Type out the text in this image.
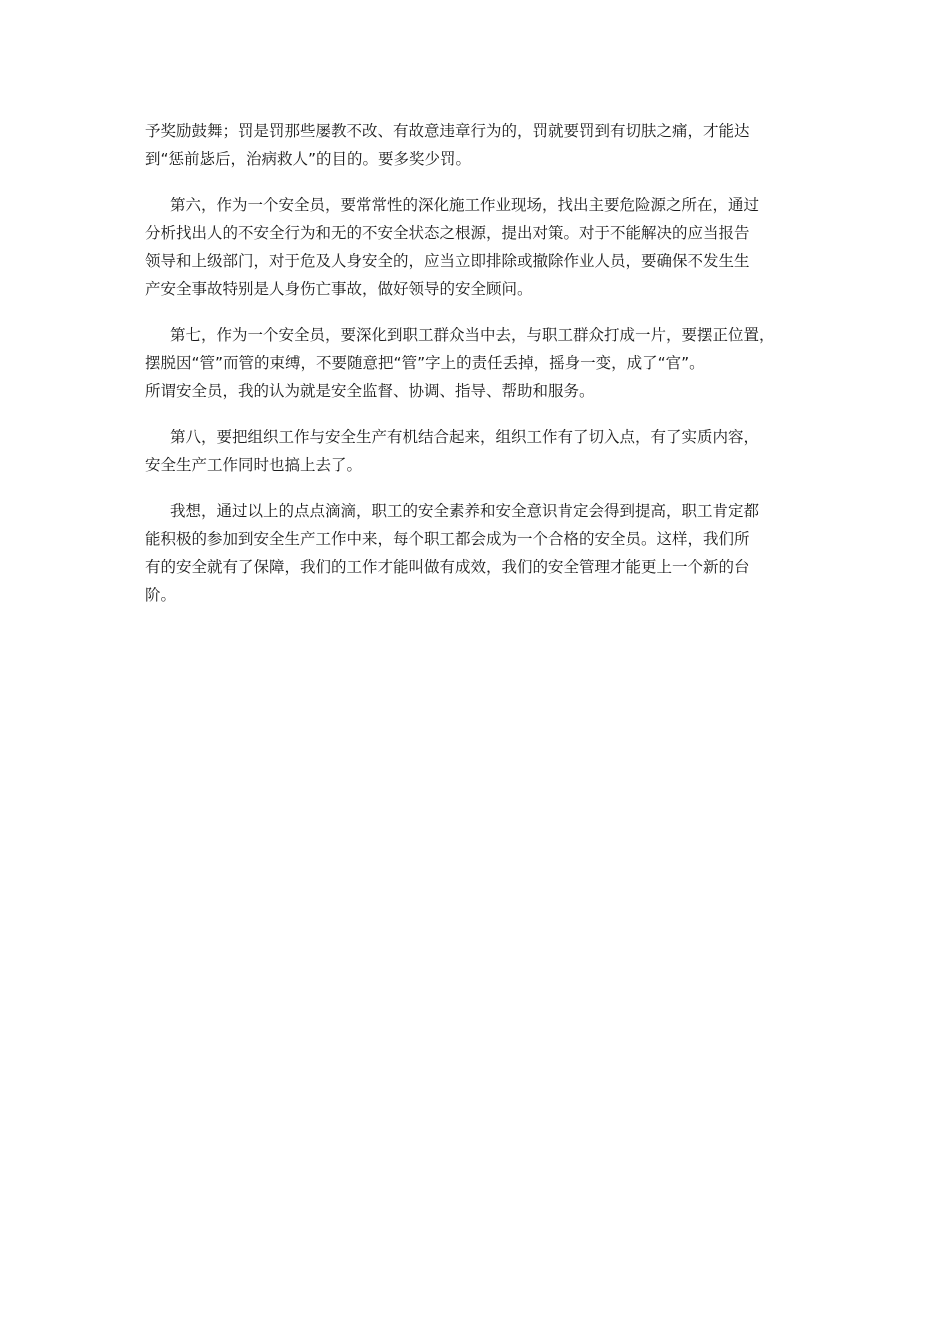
予奖励鼓舞；罚是罚那些屡教不改、有故意违章行为的，罚就要罚到有切肤之痛，才能达
到“惩前毖后，治病救人”的目的。要多奖少罚。

第六，作为一个安全员，要常常性的深化施工作业现场，找出主要危险源之所在，通过
分析找出人的不安全行为和无的不安全状态之根源，提出对策。对于不能解决的应当报告
领导和上级部门，对于危及人身安全的，应当立即排除或撤除作业人员，要确保不发生生
产安全事故特别是人身伤亡事故，做好领导的安全顾问。

第七，作为一个安全员，要深化到职工群众当中去，与职工群众打成一片，要摆正位置，
摆脱因“管”而管的束缚，不要随意把“管”字上的责任丢掉，摇身一变，成了“官”。
所谓安全员，我的认为就是安全监督、协调、指导、帮助和服务。

第八，要把组织工作与安全生产有机结合起来，组织工作有了切入点，有了实质内容，
安全生产工作同时也搞上去了。

我想，通过以上的点点滴滴，职工的安全素养和安全意识肯定会得到提高，职工肯定都
能积极的参加到安全生产工作中来，每个职工都会成为一个合格的安全员。这样，我们所
有的安全就有了保障，我们的工作才能叫做有成效，我们的安全管理才能更上一个新的台
阶。
